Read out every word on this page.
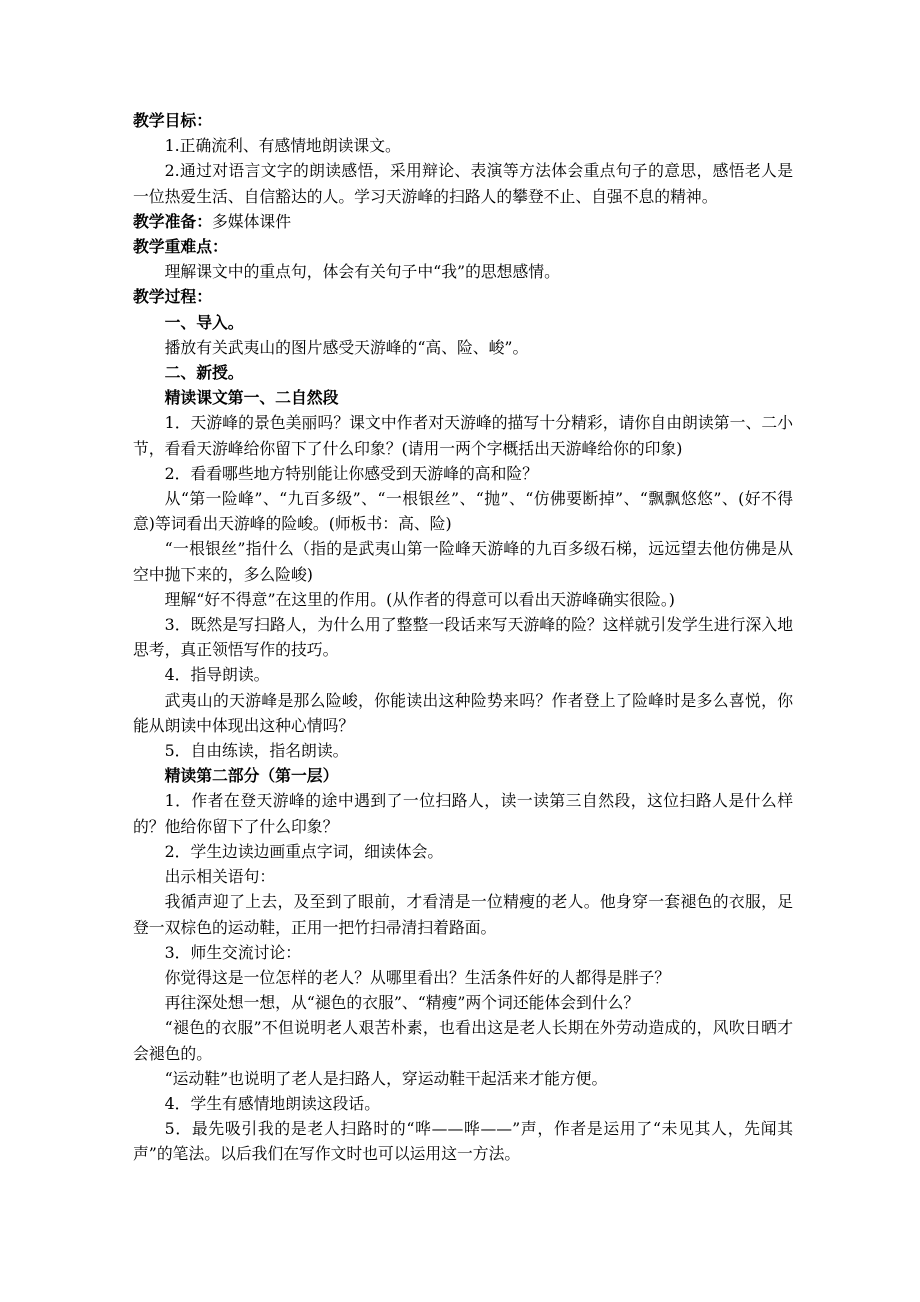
教学目标：

1.正确流利、有感情地朗读课文。

2.通过对语言文字的朗读感悟，采用辩论、表演等方法体会重点句子的意思，感悟老人是一位热爱生活、自信豁达的人。学习天游峰的扫路人的攀登不止、自强不息的精神。

教学准备：多媒体课件

教学重难点：

理解课文中的重点句，体会有关句子中“我”的思想感情。

教学过程：

一、导入。

播放有关武夷山的图片感受天游峰的“高、险、峻”。

二、新授。

精读课文第一、二自然段

1．天游峰的景色美丽吗？课文中作者对天游峰的描写十分精彩，请你自由朗读第一、二小节，看看天游峰给你留下了什么印象？(请用一两个字概括出天游峰给你的印象)

2．看看哪些地方特别能让你感受到天游峰的高和险？

从“第一险峰”、“九百多级”、“一根银丝”、“抛”、“仿佛要断掉”、“飘飘悠悠”、(好不得意)等词看出天游峰的险峻。(师板书：高、险)

“一根银丝”指什么（指的是武夷山第一险峰天游峰的九百多级石梯，远远望去他仿佛是从空中抛下来的，多么险峻)

理解“好不得意”在这里的作用。(从作者的得意可以看出天游峰确实很险。)

3．既然是写扫路人，为什么用了整整一段话来写天游峰的险？这样就引发学生进行深入地思考，真正领悟写作的技巧。

4．指导朗读。

武夷山的天游峰是那么险峻，你能读出这种险势来吗？作者登上了险峰时是多么喜悦，你能从朗读中体现出这种心情吗？

5．自由练读，指名朗读。

精读第二部分（第一层）

1．作者在登天游峰的途中遇到了一位扫路人，读一读第三自然段，这位扫路人是什么样的？他给你留下了什么印象？

2．学生边读边画重点字词，细读体会。

出示相关语句：

我循声迎了上去，及至到了眼前，才看清是一位精瘦的老人。他身穿一套褪色的衣服，足登一双棕色的运动鞋，正用一把竹扫帚清扫着路面。

3．师生交流讨论：

你觉得这是一位怎样的老人？从哪里看出？生活条件好的人都得是胖子？

再往深处想一想，从“褪色的衣服”、“精瘦”两个词还能体会到什么？

“褪色的衣服”不但说明老人艰苦朴素，也看出这是老人长期在外劳动造成的，风吹日晒才会褪色的。

“运动鞋”也说明了老人是扫路人，穿运动鞋干起活来才能方便。

4．学生有感情地朗读这段话。

5．最先吸引我的是老人扫路时的“哗——哗——”声，作者是运用了“未见其人，先闻其声”的笔法。以后我们在写作文时也可以运用这一方法。
